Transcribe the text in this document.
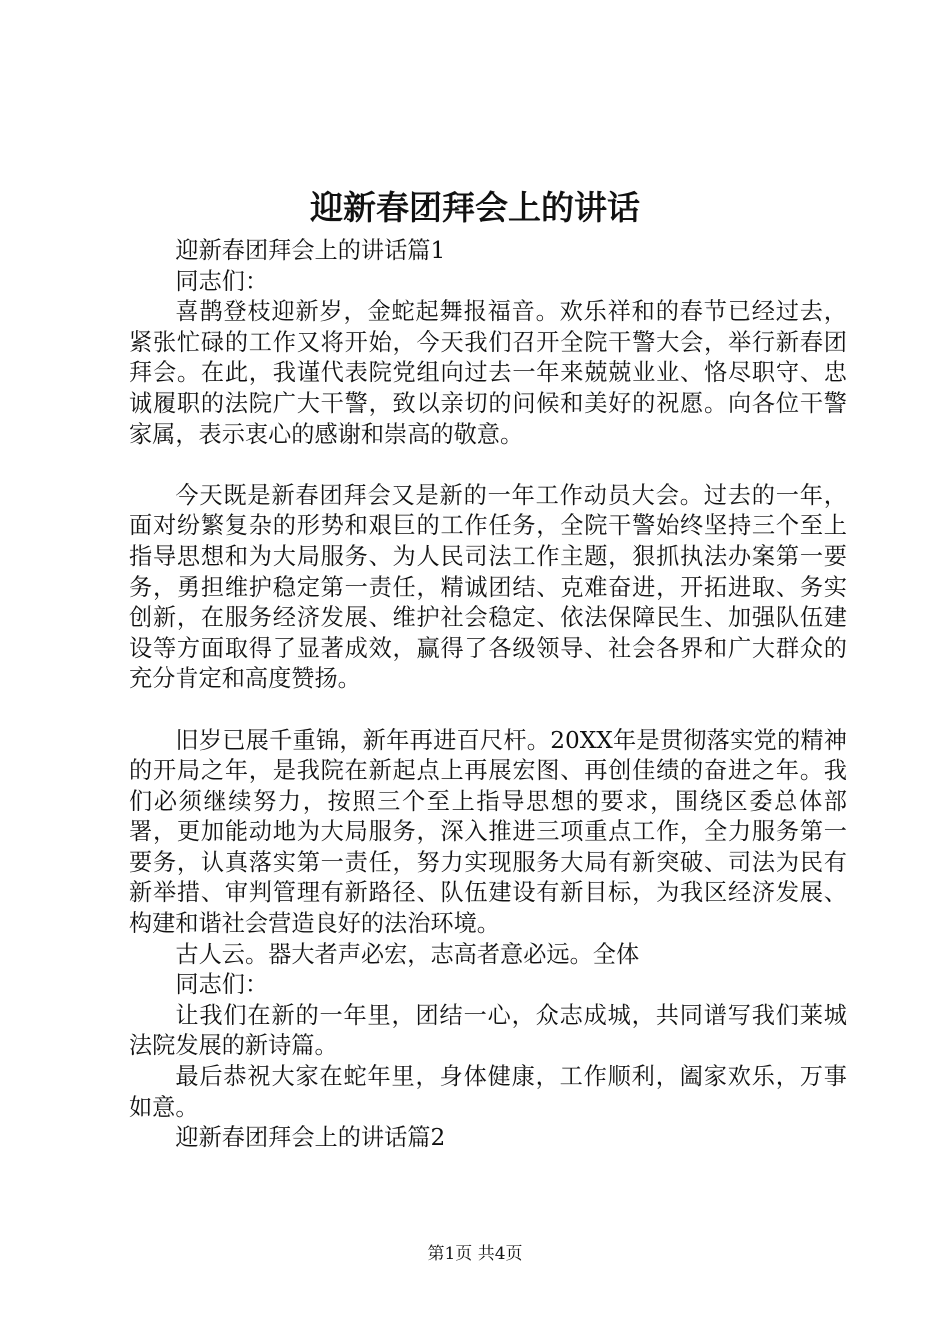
迎新春团拜会上的讲话

迎新春团拜会上的讲话篇1

同志们：

喜鹊登枝迎新岁，金蛇起舞报福音。欢乐祥和的春节已经过去，紧张忙碌的工作又将开始，今天我们召开全院干警大会，举行新春团拜会。在此，我谨代表院党组向过去一年来兢兢业业、恪尽职守、忠诚履职的法院广大干警，致以亲切的问候和美好的祝愿。向各位干警家属，表示衷心的感谢和崇高的敬意。

今天既是新春团拜会又是新的一年工作动员大会。过去的一年，面对纷繁复杂的形势和艰巨的工作任务，全院干警始终坚持三个至上指导思想和为大局服务、为人民司法工作主题，狠抓执法办案第一要务，勇担维护稳定第一责任，精诚团结、克难奋进，开拓进取、务实创新，在服务经济发展、维护社会稳定、依法保障民生、加强队伍建设等方面取得了显著成效，赢得了各级领导、社会各界和广大群众的充分肯定和高度赞扬。

旧岁已展千重锦，新年再进百尺杆。20XX年是贯彻落实党的精神的开局之年，是我院在新起点上再展宏图、再创佳绩的奋进之年。我们必须继续努力，按照三个至上指导思想的要求，围绕区委总体部署，更加能动地为大局服务，深入推进三项重点工作，全力服务第一要务，认真落实第一责任，努力实现服务大局有新突破、司法为民有新举措、审判管理有新路径、队伍建设有新目标，为我区经济发展、构建和谐社会营造良好的法治环境。

古人云。器大者声必宏，志高者意必远。全体

同志们：

让我们在新的一年里，团结一心，众志成城，共同谱写我们莱城法院发展的新诗篇。

最后恭祝大家在蛇年里，身体健康，工作顺利，阖家欢乐，万事如意。

迎新春团拜会上的讲话篇2

第1页 共4页
